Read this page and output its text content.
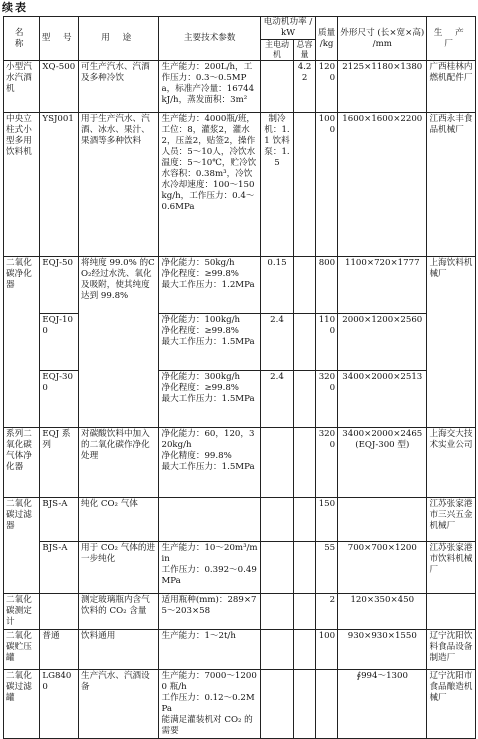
续表
名 称	型 号	用 途	主要技术参数	电动机功率 /kW		质量 /kg	外形尺寸 (长×宽×高) /mm	生 产 厂
				主电动机	总容量			
小型汽水汽酒机	XQ-500	可生产汽水、汽酒及多种冷饮	生产能力：200L/h，工作压力：0.3～0.5MPa，标准产冷量：16744kJ/h，蒸发面积：3m²		4.22	1200	2125×1180×1380	广西桂林内燃机配件厂
中央立柱式小型多用饮料机	YSJ001	用于生产汽水、汽酒、冰水、果汁、果酒等多种饮料	生产能力：4000瓶/班，工位：8，灌浆2，灌水2，压盖2，贴签2，操作人员：5～10人，冷饮水温度：5～10℃，贮冷饮水容积：0.38m³，冷饮水冷却速度：100～150kg/h，工作压力：0.4～0.6MPa	制冷机：1.1 饮料泵：1.5		1000	1600×1600×2200	江西永丰食品机械厂
二氧化碳净化器	EQJ-50	将纯度 99.0% 的CO₂经过水洗、氧化及吸附，使其纯度达到 99.8%	净化能力：50kg/h
净化程度：≥99.8%
最大工作压力：1.2MPa	0.15		800	1100×720×1777	上海饮料机械厂
	EQJ-100		净化能力：100kg/h
净化程度：≥99.8%
最大工作压力：1.5MPa	2.4		1100	2000×1200×2560	
	EQJ-300		净化能力：300kg/h
净化程度：≥99.8%
最大工作压力：1.5MPa	2.4		3200	3400×2000×2513	
系列二氧化碳气体净化器	EQJ 系列	对碳酸饮料中加入的二氧化碳作净化处理	净化能力：60，120，320kg/h
净化精度：99.8%
最大工作压力：1.5MPa			3200	3400×2000×2465 (EQJ-300 型)	上海交大技术实业公司
二氧化碳过滤器	BJS-A	纯化 CO₂ 气体				150		江苏张家港市三兴五金机械厂
	BJS-A	用于 CO₂ 气体的进一步纯化	生产能力：10～20m³/min
工作压力：0.392～0.49MPa			55	700×700×1200	江苏张家港市饮料机械厂
二氧化碳测定计		测定玻璃瓶内含气饮料的 CO₂ 含量	适用瓶种(mm)：289×75～203×58			2	120×350×450	
二氧化碳贮压罐	普通	饮料通用	生产能力：1～2t/h			100	930×930×1550	辽宁沈阳饮料食品设备制造厂
二氧化碳过滤罐	LG8400	生产汽水、汽酒设备	生产能力：7000～12000 瓶/h
工作压力：0.12～0.2MPa
能满足灌装机对 CO₂ 的需要				∮994～1300	辽宁沈阳市食品酿造机械厂
